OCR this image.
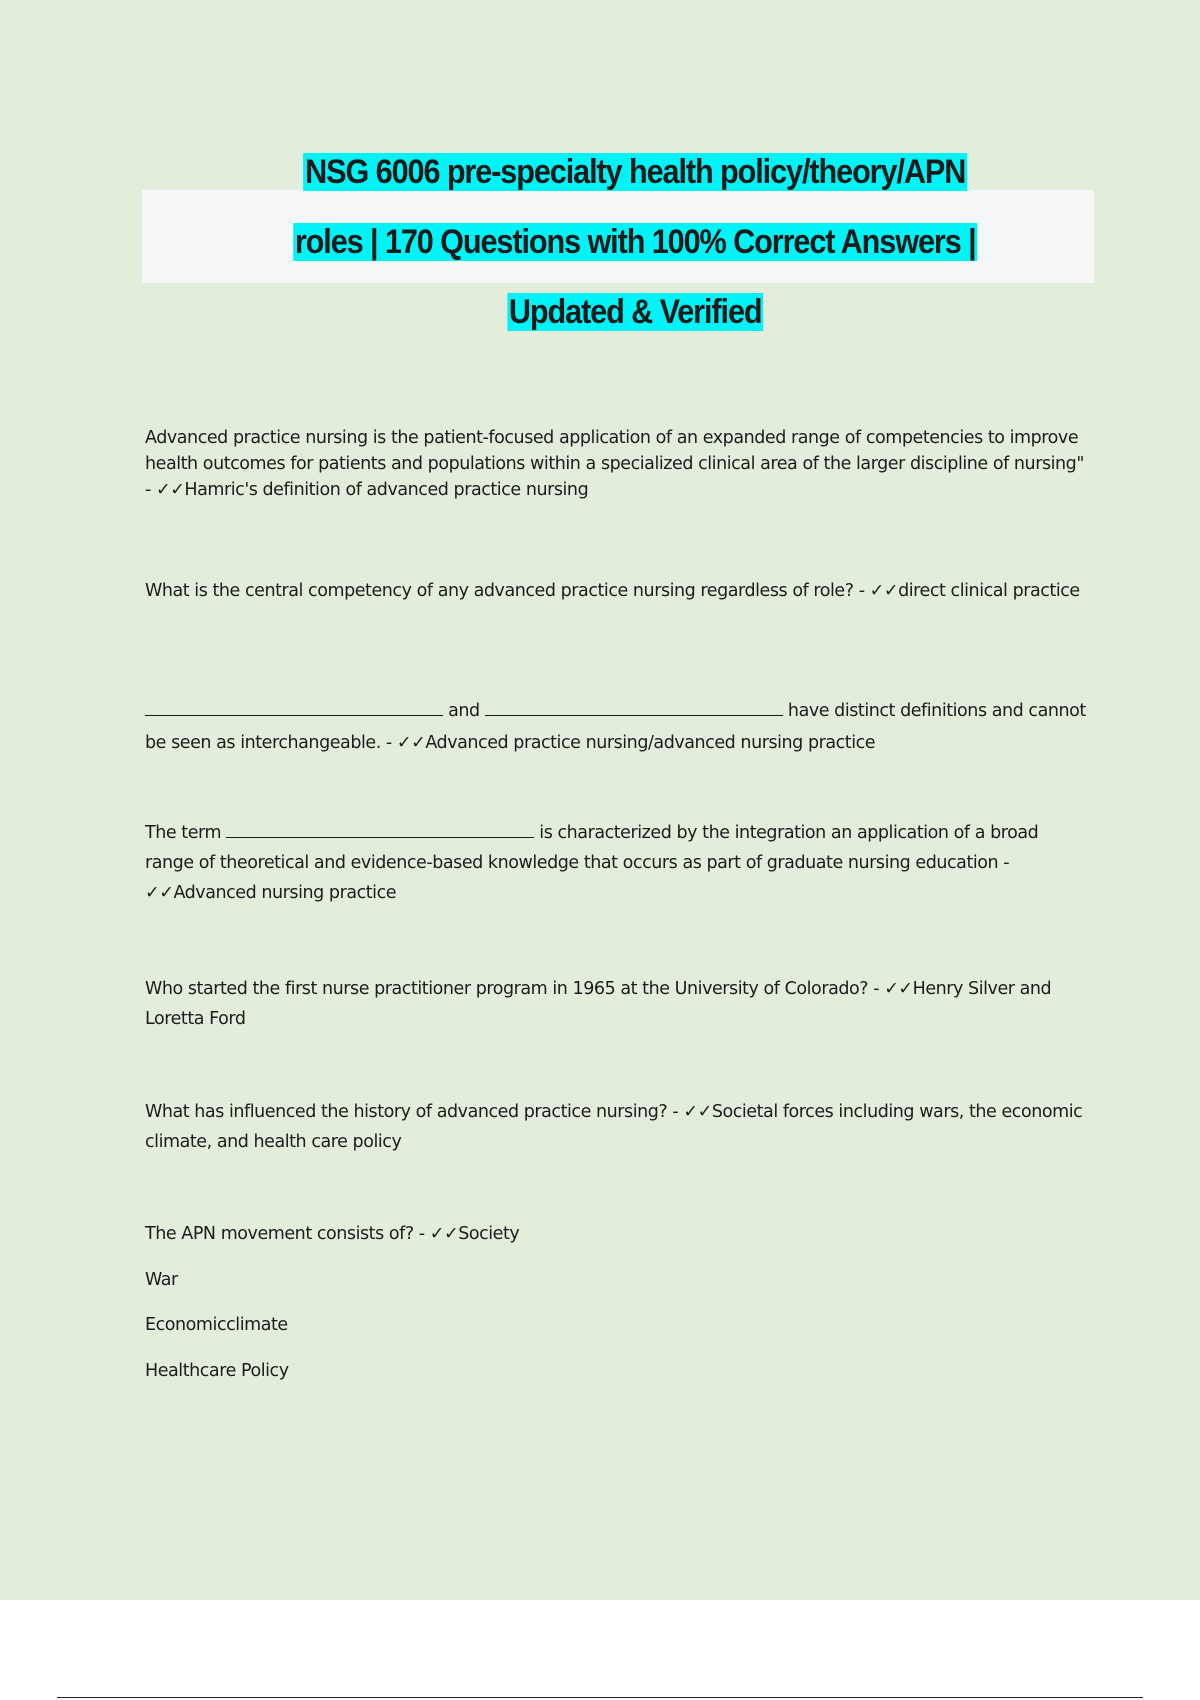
NSG 6006 pre-specialty health policy/theory/APN
roles | 170 Questions with 100% Correct Answers |
Updated & Verified

Advanced practice nursing is the patient-focused application of an expanded range of competencies to improve health outcomes for patients and populations within a specialized clinical area of the larger discipline of nursing" - ✓✓Hamric's definition of advanced practice nursing

What is the central competency of any advanced practice nursing regardless of role? - ✓✓direct clinical practice

and	have distinct definitions and cannot be seen as interchangeable. - ✓✓Advanced practice nursing/advanced nursing practice

The term	is characterized by the integration an application of a broad range of theoretical and evidence-based knowledge that occurs as part of graduate nursing education - ✓✓Advanced nursing practice

Who started the first nurse practitioner program in 1965 at the University of Colorado? - ✓✓Henry Silver and Loretta Ford

What has influenced the history of advanced practice nursing? - ✓✓Societal forces including wars, the economic climate, and health care policy

The APN movement consists of? - ✓✓Society

War

Economicclimate

Healthcare Policy
